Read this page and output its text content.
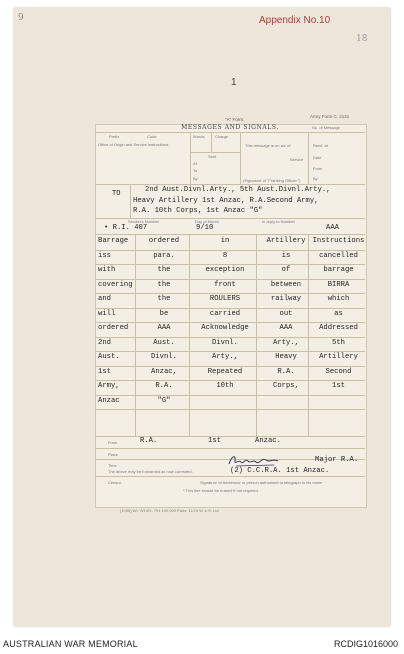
9	Appendix No.10
18
1
"A" Form.
Army Form C. 2121
MESSAGES AND SIGNALS.	No. of Message
Prefix	Code	Words	Charge
Office of Origin and Service Instructions
Sent
At
To
By
This message is on a/c of:
Service
(Signature of "Franking Officer.")
Recd. at
Date
From
By
TO	2nd Aust.Divnl.Arty., 5th Aust.Divnl.Arty.,
Heavy Artillery 1st Anzac, R.A.Second Army,
R.A. 10th Corps, 1st Anzac "G"
Sender's Number	Day of Month	In reply to Number
• R.I. 407	9/10	AAA
Barrage	ordered	in	Artillery	Instructions
iss	para.	8	is	cancelled
with	the	exception	of	barrage
covering	the	front	between	BIRRA
and	the	ROULERS	railway	which
will	be	carried	out	as
ordered	AAA	Acknowledge	AAA	Addressed
2nd	Aust.	Divnl.	Arty.,	5th
Aust.	Divnl.	Arty.,	Heavy	Artillery
1st	Anzac,	Repeated	R.A.	Second
Army,	R.A.	10th	Corps,	1st
Anzac	"G"
From	R.A.	1st	Anzac.
Place
Time
The above may be forwarded as now corrected.
Major R.A.
(2) C.C.R.A. 1st Anzac.
Censor.	Signature of Addressor or person authorised to telegraph in his name
* This line should be erased if not required.
(1098) Wt. W14/3- 754 100,000 Pads. 11/15 W & S. Ltd.
AUSTRALIAN WAR MEMORIAL	RCDIG1016000
